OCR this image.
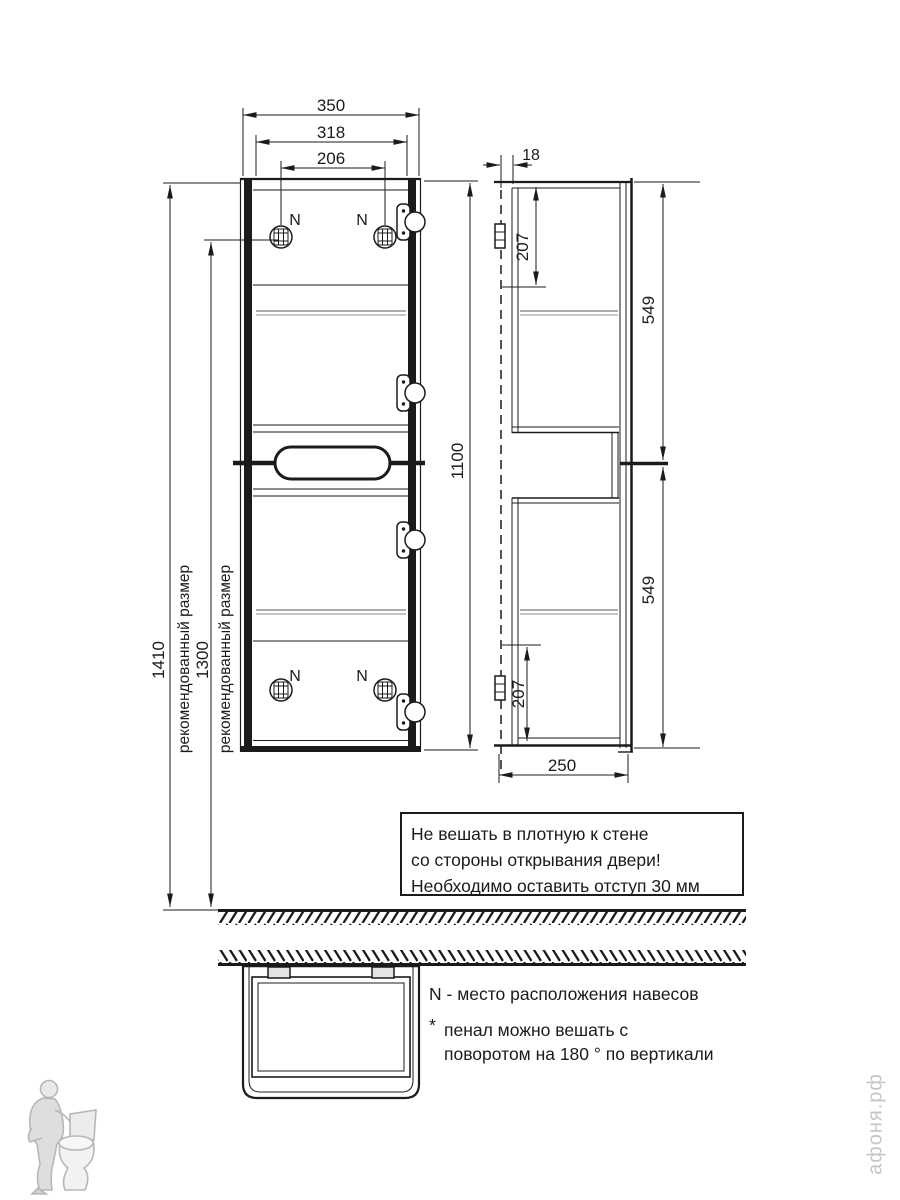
350
318
206
1100
1410 рекомендованный размер 1300 рекомендованный размер
N	N
N	N
18
207
549
549
207
250
Не вешать в плотную к стене
со стороны открывания двери!
Необходимо оставить отступ 30 мм
N - место расположения навесов
* пенал можно вешать с
поворотом на 180 ° по вертикали
афоня.рф
